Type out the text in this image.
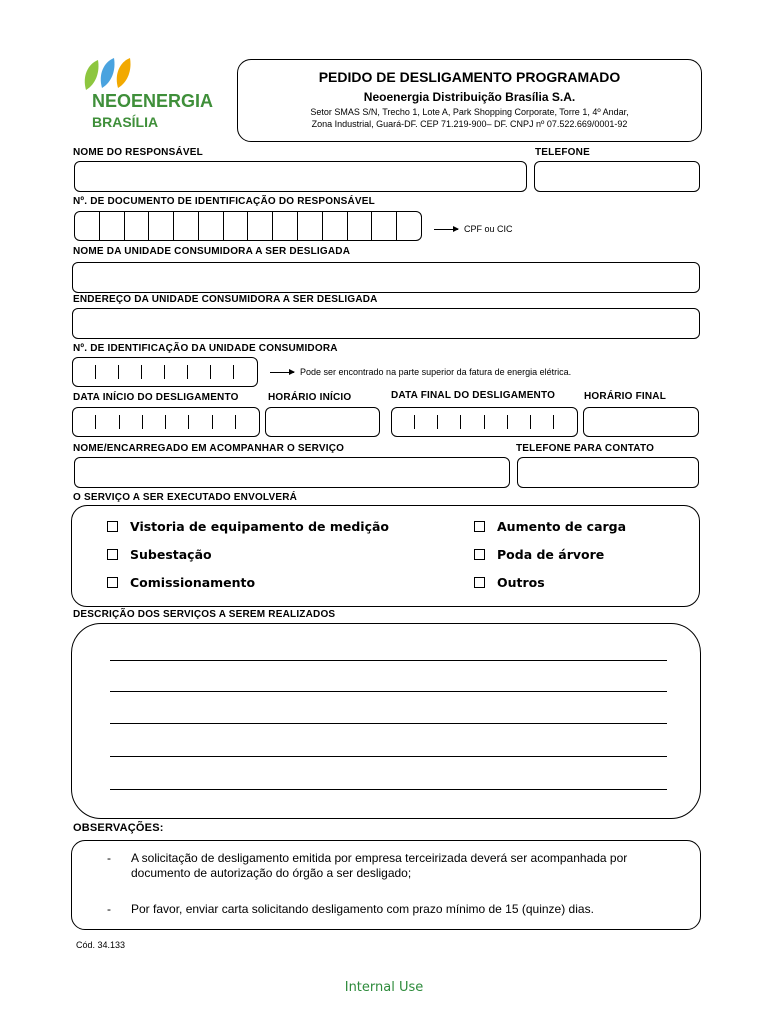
NEOENERGIA
BRASÍLIA
PEDIDO DE DESLIGAMENTO PROGRAMADO
Neoenergia Distribuição Brasília S.A.
Setor SMAS S/N, Trecho 1, Lote A, Park Shopping Corporate, Torre 1, 4º Andar,
Zona Industrial, Guará-DF. CEP 71.219-900– DF. CNPJ nº 07.522.669/0001-92
NOME DO RESPONSÁVEL	TELEFONE
Nº. DE DOCUMENTO DE IDENTIFICAÇÃO DO RESPONSÁVEL
CPF ou CIC
NOME DA UNIDADE CONSUMIDORA A SER DESLIGADA
ENDEREÇO DA UNIDADE CONSUMIDORA A SER DESLIGADA
Nº. DE IDENTIFICAÇÃO DA UNIDADE CONSUMIDORA
Pode ser encontrado na parte superior da fatura de energia elétrica.
DATA INÍCIO DO DESLIGAMENTO	HORÁRIO INÍCIO	DATA FINAL DO DESLIGAMENTO	HORÁRIO FINAL
NOME/ENCARREGADO EM ACOMPANHAR O SERVIÇO	TELEFONE PARA CONTATO
O SERVIÇO A SER EXECUTADO ENVOLVERÁ
Vistoria de equipamento de medição	Aumento de carga
Subestação	Poda de árvore
Comissionamento	Outros
DESCRIÇÃO DOS SERVIÇOS A SEREM REALIZADOS
OBSERVAÇÕES:
-	A solicitação de desligamento emitida por empresa terceirizada deverá ser acompanhada por documento de autorização do órgão a ser desligado;
-	Por favor, enviar carta solicitando desligamento com prazo mínimo de 15 (quinze) dias.
Cód. 34.133
Internal Use
